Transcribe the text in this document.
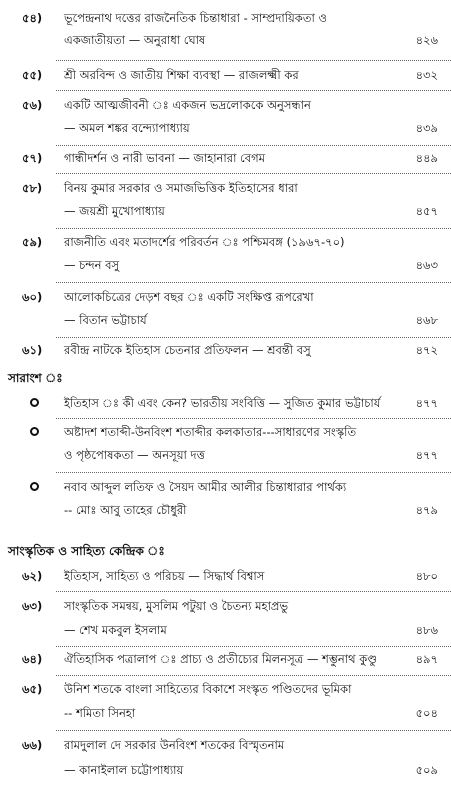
৫৪) ভূপেন্দ্রনাথ দত্তের রাজনৈতিক চিন্তাধারা - সাম্প্রদায়িকতা ও
একজাতীয়তা — অনুরাধা ঘোষ	৪২৬
৫৫) শ্রী অরবিন্দ ও জাতীয় শিক্ষা ব্যবস্থা — রাজলক্ষ্মী কর	৪৩২
৫৬) একটি আত্মজীবনী ঃ একজন ভদ্রলোককে অনুসন্ধান
— অমল শঙ্কর বন্দ্যোপাধ্যায়	৪৩৯
৫৭) গান্ধীদর্শন ও নারী ভাবনা — জাহানারা বেগম	৪৪৯
৫৮) বিনয় কুমার সরকার ও সমাজভিত্তিক ইতিহাসের ধারা
— জয়শ্রী মুখোপাধ্যায়	৪৫৭
৫৯) রাজনীতি এবং মতাদর্শের পরিবর্তন ঃ পশ্চিমবঙ্গ (১৯৬৭-৭০)
— চন্দন বসু	৪৬৩
৬০) আলোকচিত্রের দেড়শ বছর ঃ একটি সংক্ষিপ্ত রূপরেখা
— বিতান ভট্টাচার্য	৪৬৮
৬১) রবীন্দ্র নাটকে ইতিহাস চেতনার প্রতিফলন — শ্রবন্তী বসু	৪৭২
সারাংশ ঃ
ইতিহাস ঃ কী এবং কেন? ভারতীয় সংবিত্তি — সুজিত কুমার ভট্টাচার্য	৪৭৭
অষ্টাদশ শতাব্দী-উনবিংশ শতাব্দীর কলকাতার---সাধারণের সংস্কৃতি
ও পৃষ্ঠপোষকতা — অনসূয়া দত্ত	৪৭৭
নবাব আব্দুল লতিফ ও সৈয়দ আমীর আলীর চিন্তাধারার পার্থক্য
-- মোঃ আবু তাহের চৌধুরী	৪৭৯
সাংস্কৃতিক ও সাহিত্য কেন্দ্রিক ঃ
৬২) ইতিহাস, সাহিত্য ও পরিচয় — সিদ্ধার্থ বিশ্বাস	৪৮০
৬৩) সাংস্কৃতিক সমন্বয়, মুসলিম পটুয়া ও চৈতন্য মহাপ্রভু
— শেখ মকবুল ইসলাম	৪৮৬
৬৪) ঐতিহাসিক পত্রালাপ ঃ প্রাচ্য ও প্রতীচ্যের মিলনসূত্র — শম্ভুনাথ কুণ্ডু	৪৯৭
৬৫) উনিশ শতকে বাংলা সাহিত্যের বিকাশে সংস্কৃত পণ্ডিতদের ভূমিকা
-- শমিতা সিনহা	৫০৪
৬৬) রামদুলাল দে সরকার উনবিংশ শতকের বিস্মৃতনাম
— কানাইলাল চট্টোপাধ্যায়	৫০৯
